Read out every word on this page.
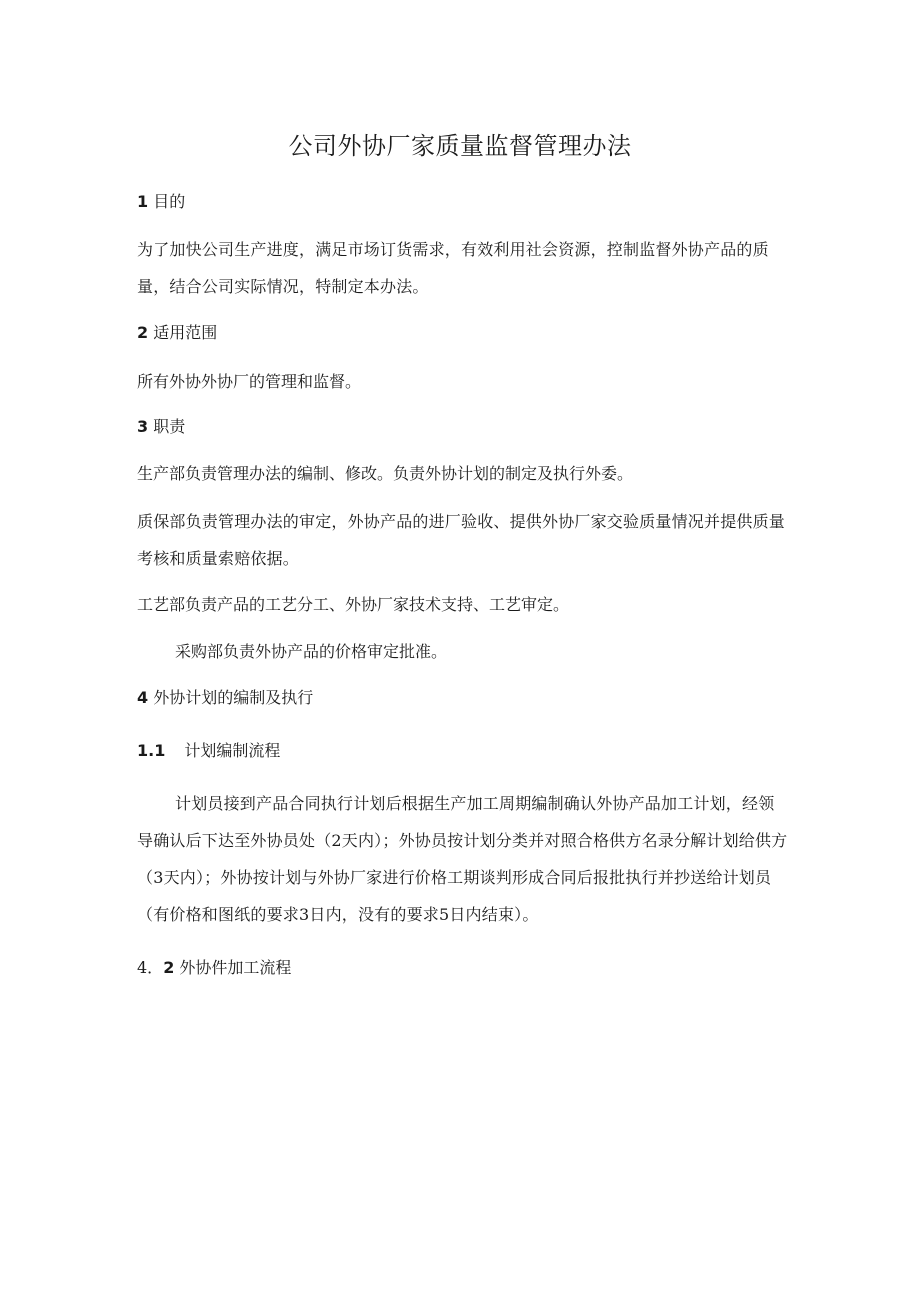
公司外协厂家质量监督管理办法
1 目的
为了加快公司生产进度，满足市场订货需求，有效利用社会资源，控制监督外协产品的质量，结合公司实际情况，特制定本办法。
2 适用范围
所有外协外协厂的管理和监督。
3 职责
生产部负责管理办法的编制、修改。负责外协计划的制定及执行外委。
质保部负责管理办法的审定，外协产品的进厂验收、提供外协厂家交验质量情况并提供质量考核和质量索赔依据。
工艺部负责产品的工艺分工、外协厂家技术支持、工艺审定。
采购部负责外协产品的价格审定批准。
4 外协计划的编制及执行
1.1 计划编制流程
计划员接到产品合同执行计划后根据生产加工周期编制确认外协产品加工计划，经领导确认后下达至外协员处（2天内）；外协员按计划分类并对照合格供方名录分解计划给供方（3天内）；外协按计划与外协厂家进行价格工期谈判形成合同后报批执行并抄送给计划员（有价格和图纸的要求3日内，没有的要求5日内结束）。
4．2 外协件加工流程
